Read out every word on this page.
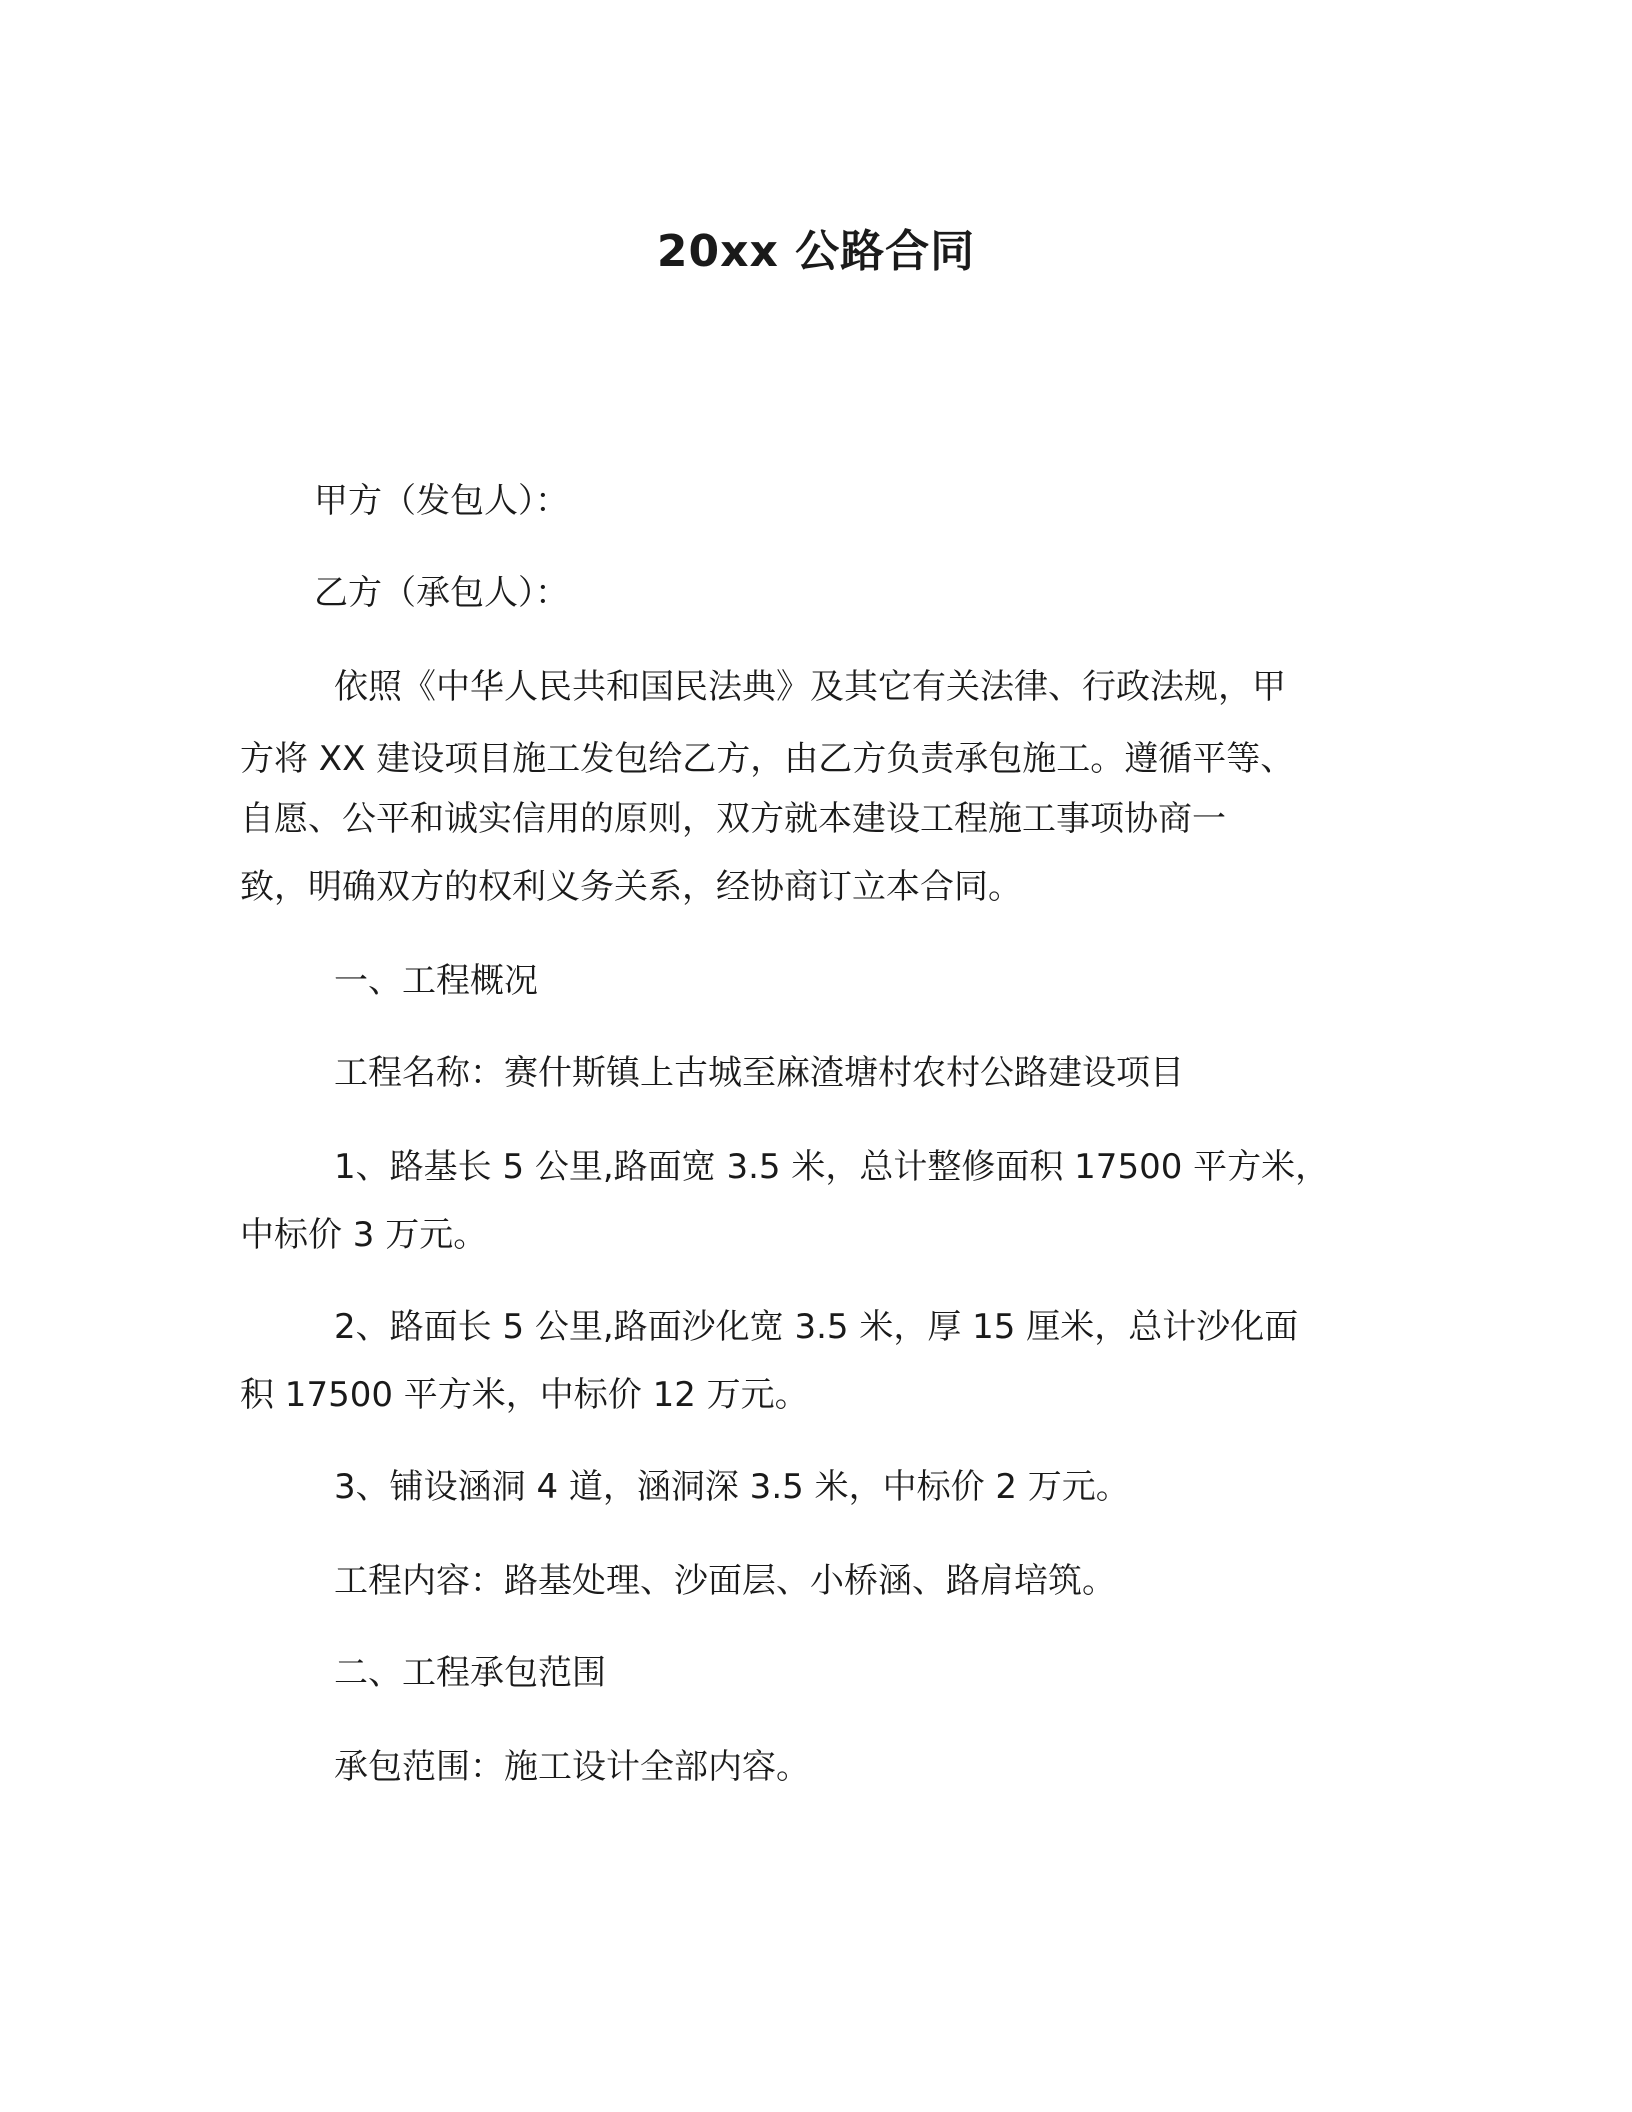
20xx 公路合同
甲方（发包人）：
乙方（承包人）：
依照《中华人民共和国民法典》及其它有关法律、行政法规，甲
方将 XX 建设项目施工发包给乙方，由乙方负责承包施工。遵循平等、
自愿、公平和诚实信用的原则，双方就本建设工程施工事项协商一
致，明确双方的权利义务关系，经协商订立本合同。
一、工程概况
工程名称：赛什斯镇上古城至麻渣塘村农村公路建设项目
1、路基长 5 公里,路面宽 3.5 米，总计整修面积 17500 平方米，
中标价 3 万元。
2、路面长 5 公里,路面沙化宽 3.5 米，厚 15 厘米，总计沙化面
积 17500 平方米，中标价 12 万元。
3、铺设涵洞 4 道，涵洞深 3.5 米，中标价 2 万元。
工程内容：路基处理、沙面层、小桥涵、路肩培筑。
二、工程承包范围
承包范围：施工设计全部内容。
